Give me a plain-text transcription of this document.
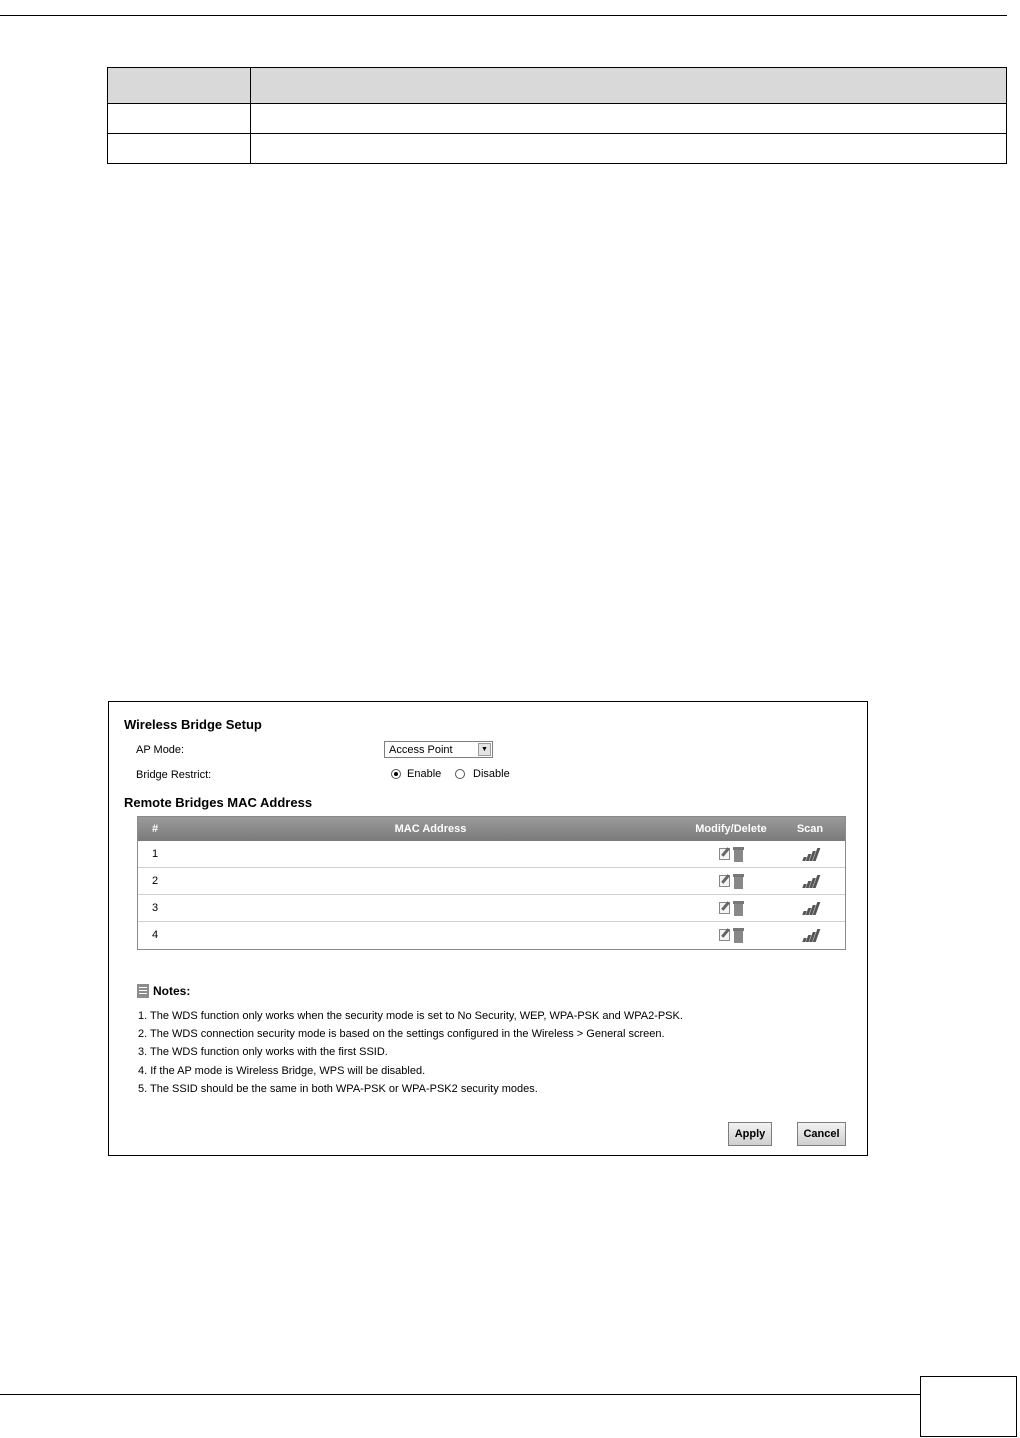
Wireless Bridge Setup
AP Mode:	Access Point	▼
Bridge Restrict:	Enable	Disable
Remote Bridges MAC Address
#	MAC Address	Modify/Delete	Scan
1		

2		

3		

4		

Notes:
1. The WDS function only works when the security mode is set to No Security, WEP, WPA-PSK and WPA2-PSK.
2. The WDS connection security mode is based on the settings configured in the Wireless > General screen.
3. The WDS function only works with the first SSID.
4. If the AP mode is Wireless Bridge, WPS will be disabled.
5. The SSID should be the same in both WPA-PSK or WPA-PSK2 security modes.
Apply	Cancel
